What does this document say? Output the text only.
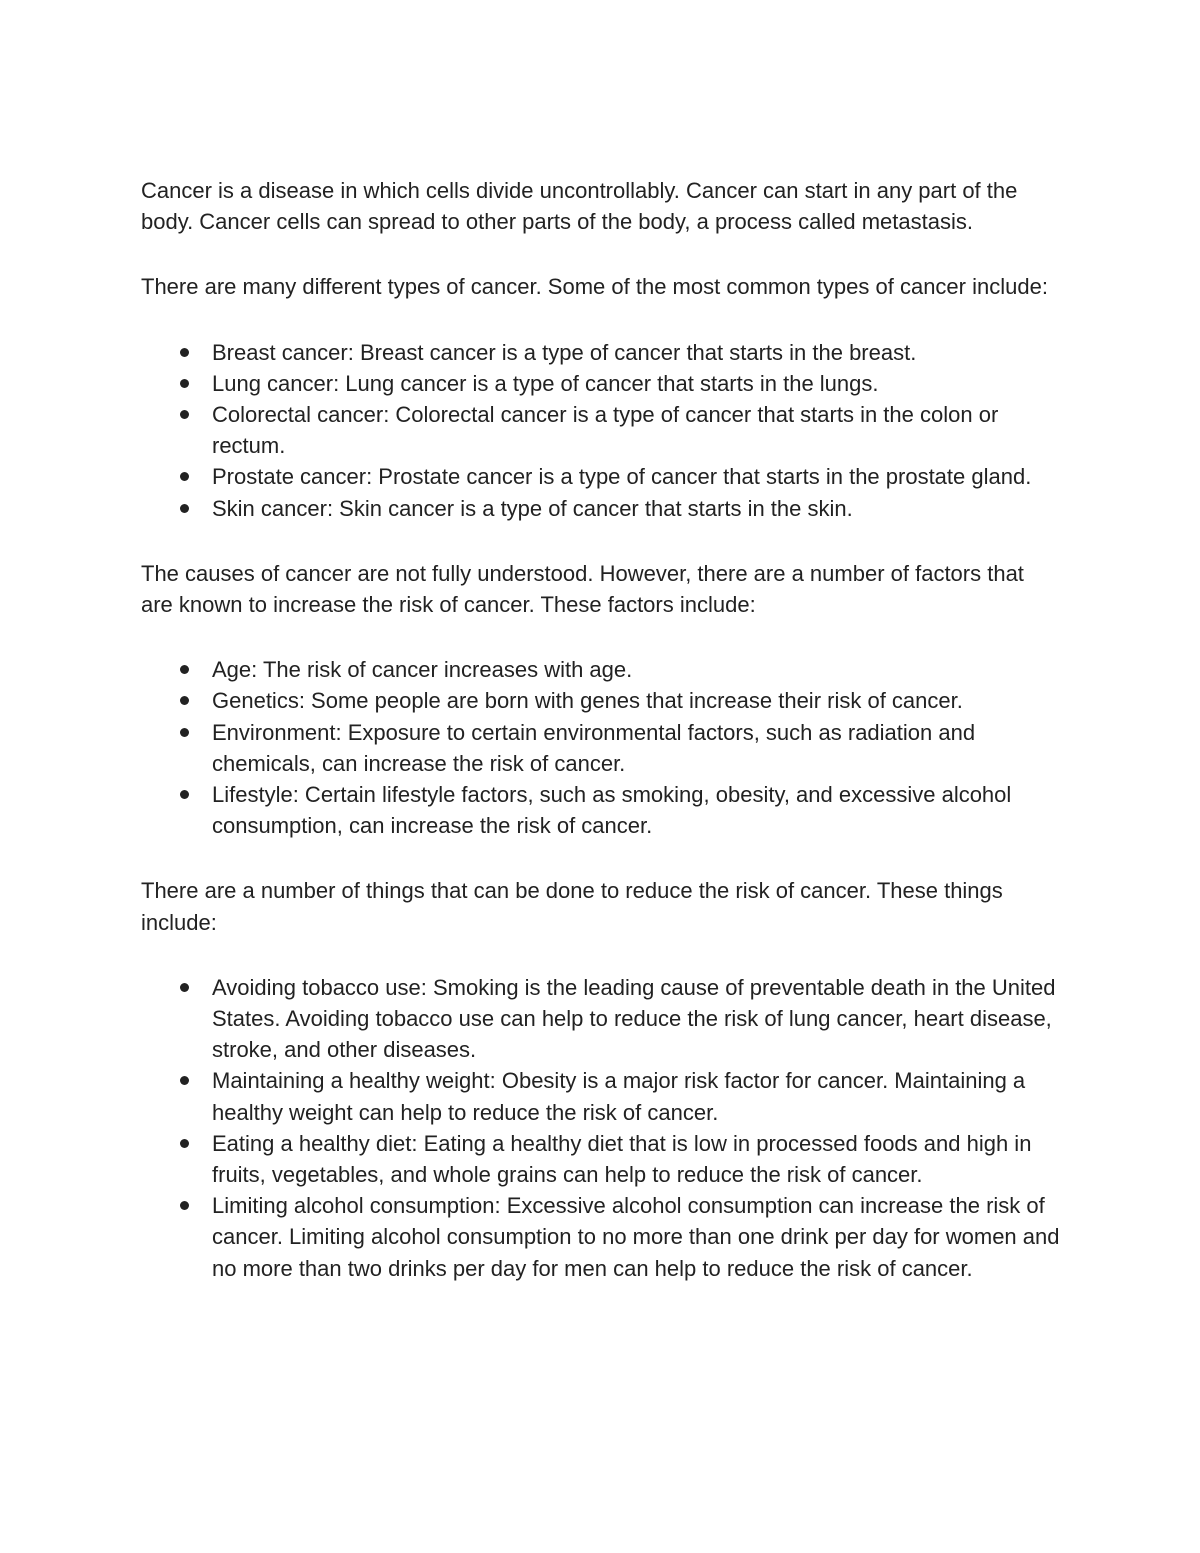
Cancer is a disease in which cells divide uncontrollably. Cancer can start in any part of the body. Cancer cells can spread to other parts of the body, a process called metastasis.

There are many different types of cancer. Some of the most common types of cancer include:

Breast cancer: Breast cancer is a type of cancer that starts in the breast.
Lung cancer: Lung cancer is a type of cancer that starts in the lungs.
Colorectal cancer: Colorectal cancer is a type of cancer that starts in the colon or rectum.
Prostate cancer: Prostate cancer is a type of cancer that starts in the prostate gland.
Skin cancer: Skin cancer is a type of cancer that starts in the skin.

The causes of cancer are not fully understood. However, there are a number of factors that are known to increase the risk of cancer. These factors include:

Age: The risk of cancer increases with age.
Genetics: Some people are born with genes that increase their risk of cancer.
Environment: Exposure to certain environmental factors, such as radiation and chemicals, can increase the risk of cancer.
Lifestyle: Certain lifestyle factors, such as smoking, obesity, and excessive alcohol consumption, can increase the risk of cancer.

There are a number of things that can be done to reduce the risk of cancer. These things include:

Avoiding tobacco use: Smoking is the leading cause of preventable death in the United States. Avoiding tobacco use can help to reduce the risk of lung cancer, heart disease, stroke, and other diseases.
Maintaining a healthy weight: Obesity is a major risk factor for cancer. Maintaining a healthy weight can help to reduce the risk of cancer.
Eating a healthy diet: Eating a healthy diet that is low in processed foods and high in fruits, vegetables, and whole grains can help to reduce the risk of cancer.
Limiting alcohol consumption: Excessive alcohol consumption can increase the risk of cancer. Limiting alcohol consumption to no more than one drink per day for women and no more than two drinks per day for men can help to reduce the risk of cancer.
